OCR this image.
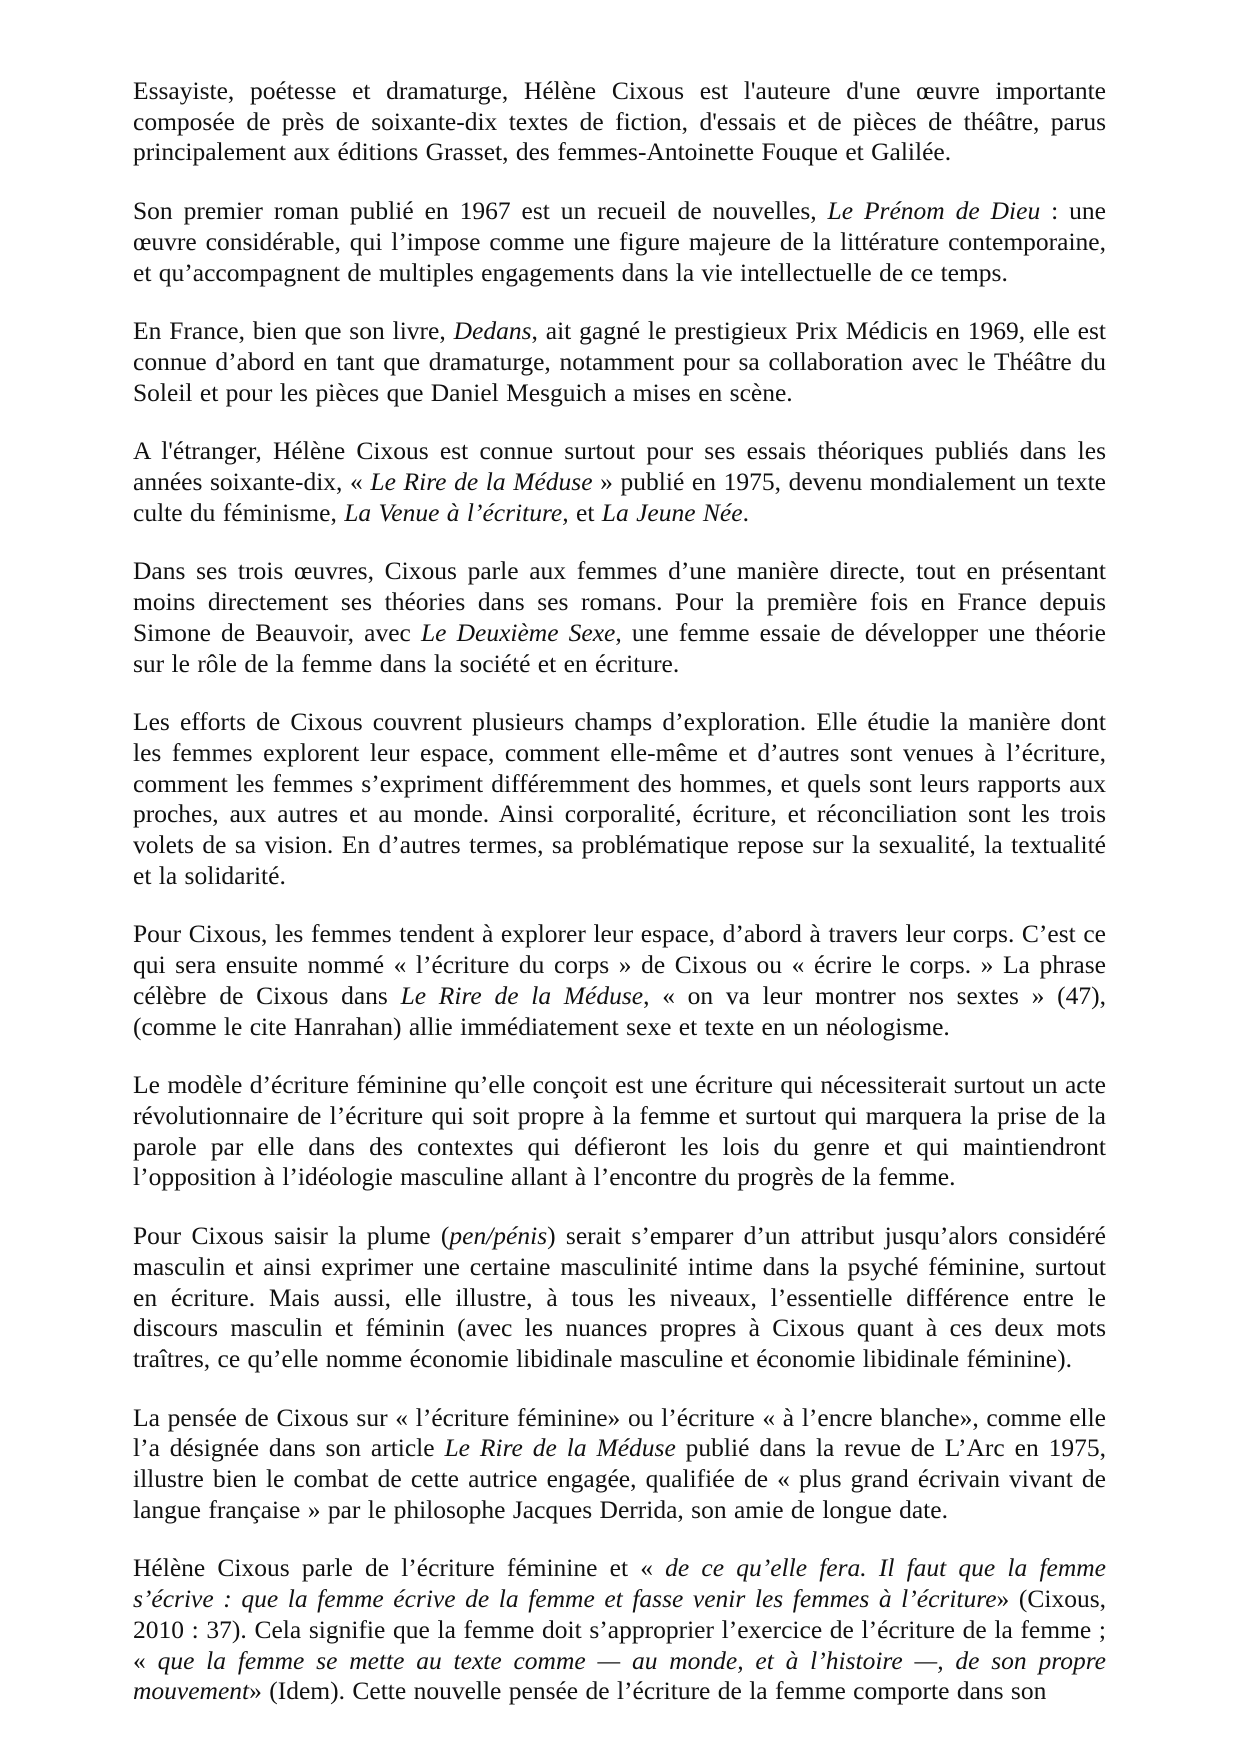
Essayiste, poétesse et dramaturge, Hélène Cixous est l'auteure d'une œuvre importante composée de près de soixante-dix textes de fiction, d'essais et de pièces de théâtre, parus principalement aux éditions Grasset, des femmes-Antoinette Fouque et Galilée.

Son premier roman publié en 1967 est un recueil de nouvelles, Le Prénom de Dieu : une œuvre considérable, qui l’impose comme une figure majeure de la littérature contemporaine, et qu’accompagnent de multiples engagements dans la vie intellectuelle de ce temps.

En France, bien que son livre, Dedans, ait gagné le prestigieux Prix Médicis en 1969, elle est connue d’abord en tant que dramaturge, notamment pour sa collaboration avec le Théâtre du Soleil et pour les pièces que Daniel Mesguich a mises en scène.

A l'étranger, Hélène Cixous est connue surtout pour ses essais théoriques publiés dans les années soixante-dix, « Le Rire de la Méduse » publié en 1975, devenu mondialement un texte culte du féminisme, La Venue à l’écriture, et La Jeune Née.

Dans ses trois œuvres, Cixous parle aux femmes d’une manière directe, tout en présentant moins directement ses théories dans ses romans. Pour la première fois en France depuis Simone de Beauvoir, avec Le Deuxième Sexe, une femme essaie de développer une théorie sur le rôle de la femme dans la société et en écriture.

Les efforts de Cixous couvrent plusieurs champs d’exploration. Elle étudie la manière dont les femmes explorent leur espace, comment elle-même et d’autres sont venues à l’écriture, comment les femmes s’expriment différemment des hommes, et quels sont leurs rapports aux proches, aux autres et au monde. Ainsi corporalité, écriture, et réconciliation sont les trois volets de sa vision. En d’autres termes, sa problématique repose sur la sexualité, la textualité et la solidarité.

Pour Cixous, les femmes tendent à explorer leur espace, d’abord à travers leur corps. C’est ce qui sera ensuite nommé « l’écriture du corps » de Cixous ou « écrire le corps. » La phrase célèbre de Cixous dans Le Rire de la Méduse, « on va leur montrer nos sextes » (47), (comme le cite Hanrahan) allie immédiatement sexe et texte en un néologisme.

Le modèle d’écriture féminine qu’elle conçoit est une écriture qui nécessiterait surtout un acte révolutionnaire de l’écriture qui soit propre à la femme et surtout qui marquera la prise de la parole par elle dans des contextes qui défieront les lois du genre et qui maintiendront l’opposition à l’idéologie masculine allant à l’encontre du progrès de la femme.

Pour Cixous saisir la plume (pen/pénis) serait s’emparer d’un attribut jusqu’alors considéré masculin et ainsi exprimer une certaine masculinité intime dans la psyché féminine, surtout en écriture. Mais aussi, elle illustre, à tous les niveaux, l’essentielle différence entre le discours masculin et féminin (avec les nuances propres à Cixous quant à ces deux mots traîtres, ce qu’elle nomme économie libidinale masculine et économie libidinale féminine).

La pensée de Cixous sur « l’écriture féminine» ou l’écriture « à l’encre blanche», comme elle l’a désignée dans son article Le Rire de la Méduse publié dans la revue de L’Arc en 1975, illustre bien le combat de cette autrice engagée, qualifiée de « plus grand écrivain vivant de langue française » par le philosophe Jacques Derrida, son amie de longue date.

Hélène Cixous parle de l’écriture féminine et « de ce qu’elle fera. Il faut que la femme s’écrive : que la femme écrive de la femme et fasse venir les femmes à l’écriture» (Cixous, 2010 : 37). Cela signifie que la femme doit s’approprier l’exercice de l’écriture de la femme ; « que la femme se mette au texte comme — au monde, et à l’histoire —, de son propre mouvement» (Idem). Cette nouvelle pensée de l’écriture de la femme comporte dans son
